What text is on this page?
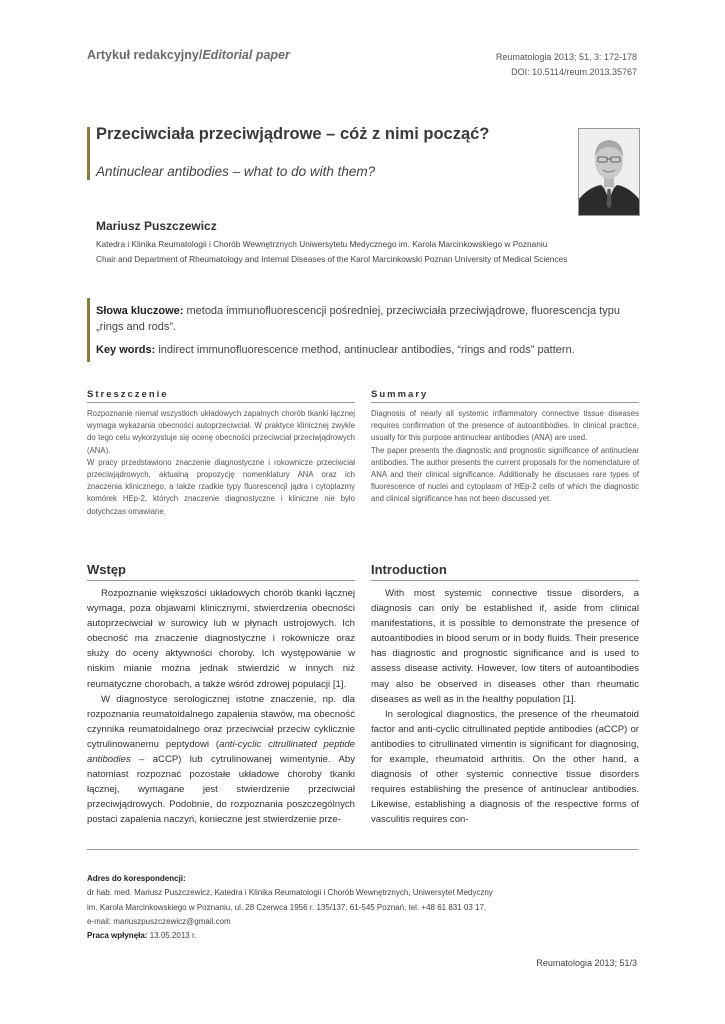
Artykuł redakcyjny/Editorial paper	Reumatologia 2013; 51, 3: 172-178
DOI: 10.5114/reum.2013.35767
Przeciwciała przeciwjądrowe – cóż z nimi począć?
Antinuclear antibodies – what to do with them?
Mariusz Puszczewicz
Katedra i Klinika Reumatologii i Chorób Wewnętrznych Uniwersytetu Medycznego im. Karola Marcinkowskiego w Poznaniu
Chair and Department of Rheumatology and Internal Diseases of the Karol Marcinkowski Poznan University of Medical Sciences
Słowa kluczowe: metoda immunofluorescencji pośredniej, przeciwciała przeciwjądrowe, fluorescencja typu „rings and rods”.
Key words: indirect immunofluorescence method, antinuclear antibodies, “rings and rods” pattern.
Streszczenie	Summary

Rozpoznanie niemal wszystkich układowych zapalnych chorób tkanki łącznej wymaga wykazania obecności autoprzeciwciał. W praktyce klinicznej zwykle do tego celu wykorzystuje się ocenę obecności przeciwciał przeciwjądrowych (ANA).

W pracy przedstawiono znaczenie diagnostyczne i rokownicze przeciwciał przeciwjądrowych, aktualną propozycję nomenklatury ANA oraz ich znaczenia klinicznego, a także rzadkie typy fluorescencji jądra i cytoplazmy komórek HEp-2, których znaczenie diagnostyczne i kliniczne nie było dotychczas omawiane.

Diagnosis of nearly all systemic inflammatory connective tissue diseases requires confirmation of the presence of autoantibodies. In clinical practice, usually for this purpose antinuclear antibodies (ANA) are used.

The paper presents the diagnostic and prognostic significance of antinuclear antibodies. The author presents the current proposals for the nomenclature of ANA and their clinical significance. Additionally he discusses rare types of fluorescence of nuclei and cytoplasm of HEp-2 cells of which the diagnostic and clinical significance has not been discussed yet.

Wstęp	Introduction

Rozpoznanie większości układowych chorób tkanki łącznej wymaga, poza objawami klinicznymi, stwierdzenia obecności autoprzeciwciał w surowicy lub w płynach ustrojowych. Ich obecność ma znaczenie diagnostyczne i rokownicze oraz służy do oceny aktywności choroby. Ich występowanie w niskim mianie można jednak stwierdzić w innych niż reumatyczne chorobach, a także wśród zdrowej populacji [1].

W diagnostyce serologicznej istotne znaczenie, np. dla rozpoznania reumatoidalnego zapalenia stawów, ma obecność czynnika reumatoidalnego oraz przeciwciał przeciw cyklicznie cytrulinowanemu peptydowi (anti-cyclic citrullinated peptide antibodies – aCCP) lub cytrulinowanej wimentynie. Aby natomiast rozpoznać pozostałe układowe choroby tkanki łącznej, wymagane jest stwierdzenie przeciwciał przeciwjądrowych. Podobnie, do rozpoznania poszczególnych postaci zapalenia naczyń, konieczne jest stwierdzenie prze-

With most systemic connective tissue disorders, a diagnosis can only be established if, aside from clinical manifestations, it is possible to demonstrate the presence of autoantibodies in blood serum or in body fluids. Their presence has diagnostic and prognostic significance and is used to assess disease activity. However, low titers of autoantibodies may also be observed in diseases other than rheumatic diseases as well as in the healthy population [1].

In serological diagnostics, the presence of the rheumatoid factor and anti-cyclic citrullinated peptide antibodies (aCCP) or antibodies to citrullinated vimentin is significant for diagnosing, for example, rheumatoid arthritis. On the other hand, a diagnosis of other systemic connective tissue disorders requires establishing the presence of antinuclear antibodies. Likewise, establishing a diagnosis of the respective forms of vasculitis requires con-

Adres do korespondencji:
dr hab. med. Mariusz Puszczewicz, Katedra i Klinika Reumatologii i Chorób Wewnętrznych, Uniwersytet Medyczny
im. Karola Marcinkowskiego w Poznaniu, ul. 28 Czerwca 1956 r. 135/137, 61-545 Poznań, tel. +48 61 831 03 17,
e-mail: mariuszpuszczewicz@gmail.com
Praca wpłynęła: 13.05.2013 r.
Reumatologia 2013; 51/3
